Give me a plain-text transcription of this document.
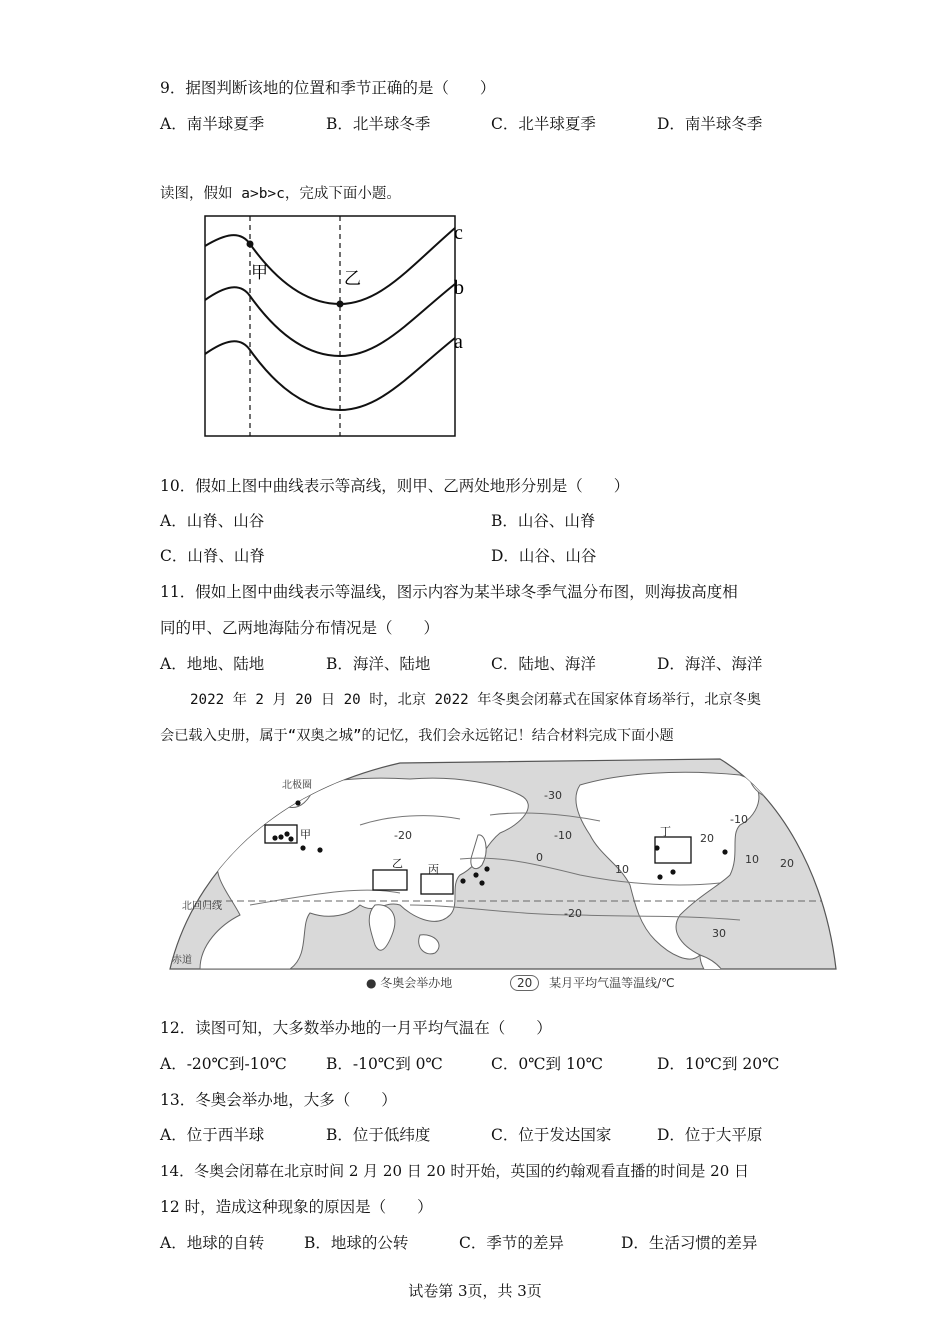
9．据图判断该地的位置和季节正确的是（　　）
A．南半球夏季	B．北半球冬季	C．北半球夏季	D．南半球冬季
读图，假如 a>b>c，完成下面小题。
甲	乙
c
b
a
10．假如上图中曲线表示等高线，则甲、乙两处地形分别是（　　）
A．山脊、山谷	B．山谷、山脊
C．山脊、山脊	D．山谷、山谷
11．假如上图中曲线表示等温线，图示内容为某半球冬季气温分布图，则海拔高度相
同的甲、乙两地海陆分布情况是（　　）
A．地地、陆地	B．海洋、陆地	C．陆地、海洋	D．海洋、海洋
2022 年 2 月 20 日 20 时，北京 2022 年冬奥会闭幕式在国家体育场举行，北京冬奥
会已载入史册，属于“双奥之城”的记忆，我们会永远铭记！结合材料完成下面小题
北极圈
北回归线
赤道
-30
-20	-10
0
10
-10
10
20
-20
20
30
甲
乙 丙
丁
● 冬奥会举办地	20 某月平均气温等温线/℃
12．读图可知，大多数举办地的一月平均气温在（　　）
A．-20℃到-10℃	B．-10℃到 0℃	C．0℃到 10℃	D．10℃到 20℃
13．冬奥会举办地，大多（　　）
A．位于西半球	B．位于低纬度	C．位于发达国家	D．位于大平原
14．冬奥会闭幕在北京时间 2 月 20 日 20 时开始，英国的约翰观看直播的时间是 20 日
12 时，造成这种现象的原因是（　　）
A．地球的自转	B．地球的公转	C．季节的差异	D．生活习惯的差异
试卷第 3页，共 3页
